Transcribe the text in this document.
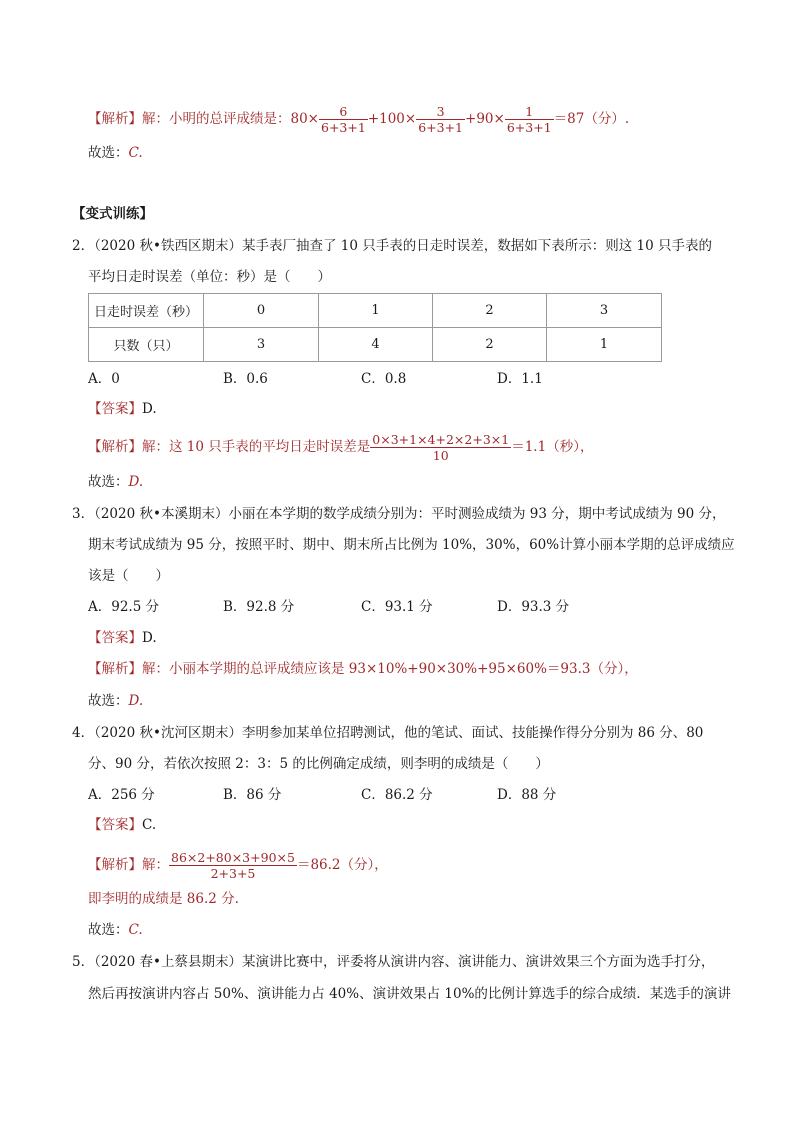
【解析】解：小明的总评成绩是：$80\times \frac{6}{6+3+1} +100\times \frac{3}{6+3+1} +90\times \frac{1}{6+3+1} =87$（分）.
故选：C.
【变式训练】
2．（2020 秋•铁西区期末）某手表厂抽查了 10 只手表的日走时误差，数据如下表所示：则这 10 只手表的
平均日走时误差（单位：秒）是（　　）
日走时误差（秒）	0	1	2	3
只数（只）	3	4	2	1
A．0	B．0.6	C．0.8	D．1.1
【答案】D.
【解析】解：这 10 只手表的平均日走时误差是 $\frac{0\times 3+1\times 4+2\times 2+3\times 1}{10} =1.1$（秒），
故选：D.
3．（2020 秋•本溪期末）小丽在本学期的数学成绩分别为：平时测验成绩为 93 分，期中考试成绩为 90 分，
期末考试成绩为 95 分，按照平时、期中、期末所占比例为 10%，30%，60%计算小丽本学期的总评成绩应
该是（　　）
A．92.5 分	B．92.8 分	C．93.1 分	D．93.3 分
【答案】D.
【解析】解：小丽本学期的总评成绩应该是 93×10%+90×30%+95×60%＝93.3（分），
故选：D.
4．（2020 秋•沈河区期末）李明参加某单位招聘测试，他的笔试、面试、技能操作得分分别为 86 分、80
分、90 分，若依次按照 2：3：5 的比例确定成绩，则李明的成绩是（　　）
A．256 分	B．86 分	C．86.2 分	D．88 分
【答案】C.
【解析】解： $\frac{86\times 2+80\times 3+90\times 5}{2+3+5} =86.2$（分），
即李明的成绩是 86.2 分.
故选：C.
5．（2020 春•上蔡县期末）某演讲比赛中，评委将从演讲内容、演讲能力、演讲效果三个方面为选手打分，
然后再按演讲内容占 50%、演讲能力占 40%、演讲效果占 10%的比例计算选手的综合成绩．某选手的演讲
